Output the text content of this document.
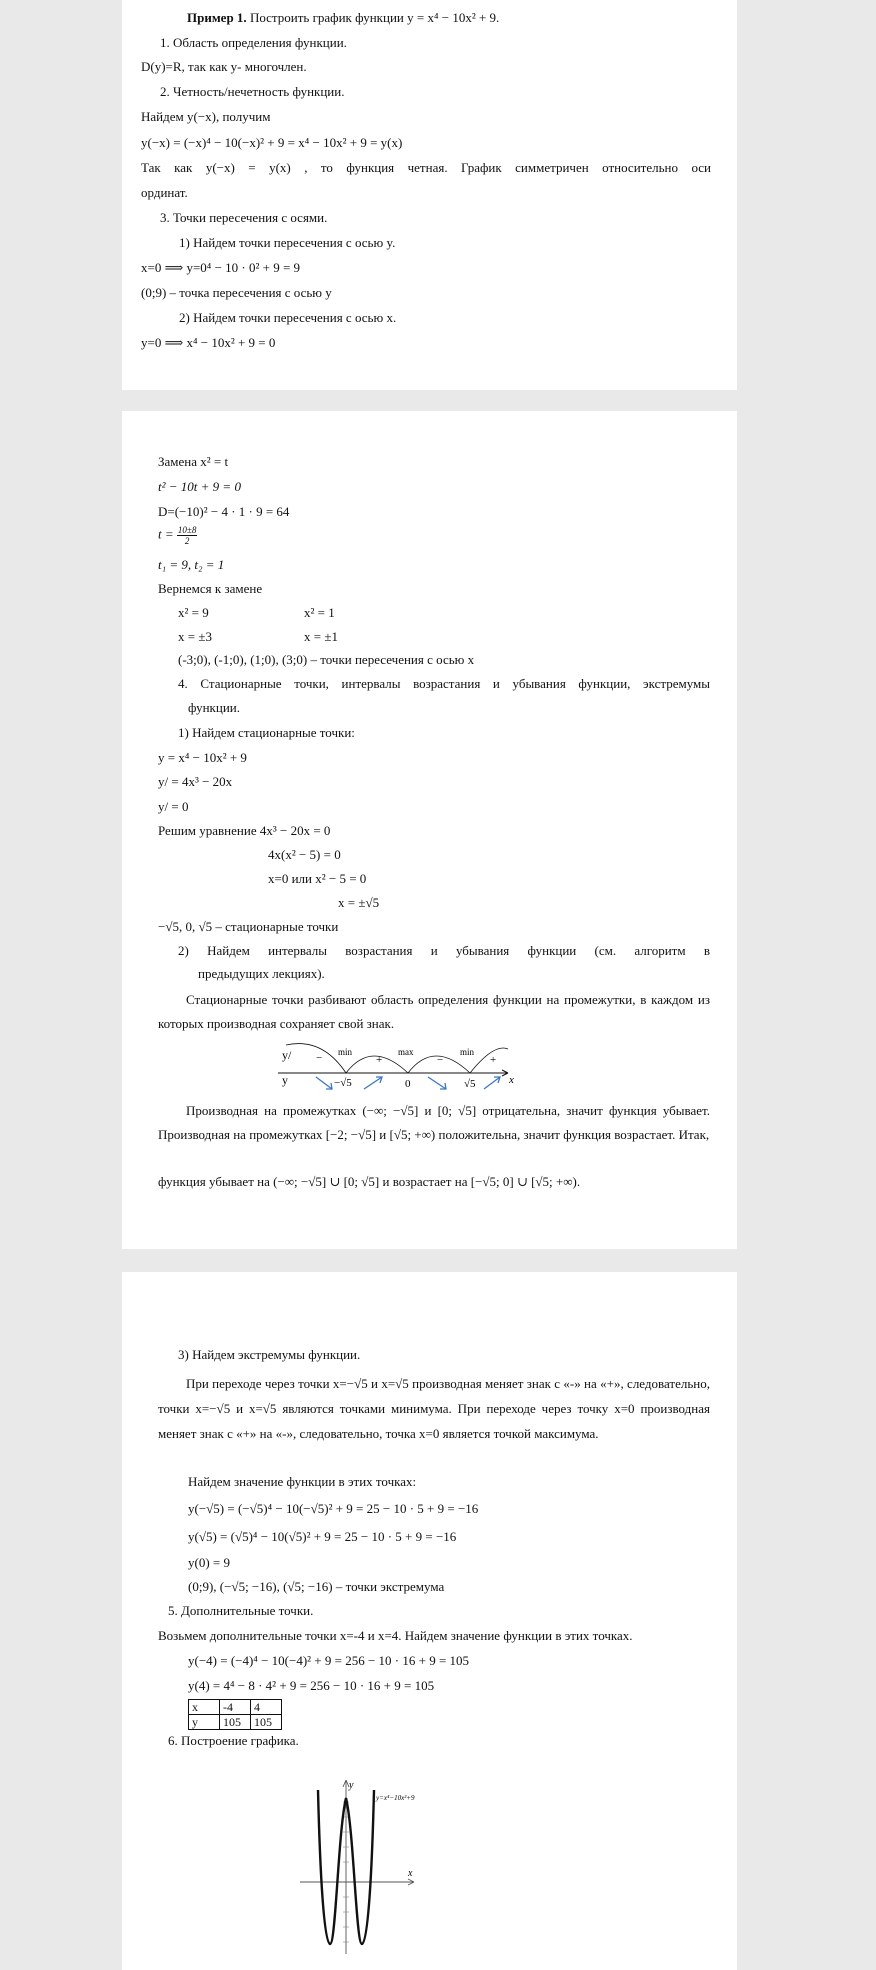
Пример 1. Построить график функции y = x⁴ − 10x² + 9.
1. Область определения функции.
D(y)=R, так как y- многочлен.
2. Четность/нечетность функции.
Найдем y(−x), получим
y(−x) = (−x)⁴ − 10(−x)² + 9 = x⁴ − 10x² + 9 = y(x)
Так как y(−x) = y(x) , то функция четная. График симметричен относительно оси
ординат.
3. Точки пересечения с осями.
1) Найдем точки пересечения с осью y.
x=0 ⟹ y=0⁴ − 10 · 0² + 9 = 9
(0;9) – точка пересечения с осью y
2) Найдем точки пересечения с осью x.
y=0 ⟹ x⁴ − 10x² + 9 = 0
Замена x² = t
t² − 10t + 9 = 0
D=(−10)² − 4 · 1 · 9 = 64
$t = \frac{10\pm 8}{2}$
t₁ = 9, t₂ = 1
Вернемся к замене
x² = 9	x² = 1
x = ±3	x = ±1
(-3;0), (-1;0), (1;0), (3;0) – точки пересечения с осью x
4. Стационарные точки, интервалы возрастания и убывания функции, экстремумы
функции.
1) Найдем стационарные точки:
y = x⁴ − 10x² + 9
y/ = 4x³ − 20x
y/ = 0
Решим уравнение 4x³ − 20x = 0
4x(x² − 5) = 0
x=0 или x² − 5 = 0
x = ±√5
−√5, 0, √5 – стационарные точки
2) Найдем интервалы возрастания и убывания функции (см. алгоритм в
предыдущих лекциях).
Стационарные точки разбивают область определения функции на промежутки, в каждом из которых производная сохраняет свой знак.
y/
y
−	+	−	+
min	max	min
−√5	0	√5	x
Производная на промежутках (−∞; −√5] и [0; √5] отрицательна, значит функция убывает. Производная на промежутках [−2; −√5] и [√5; +∞) положительна, значит функция возрастает. Итак,
функция убывает на (−∞; −√5] ∪ [0; √5] и возрастает на [−√5; 0] ∪ [√5; +∞).
3) Найдем экстремумы функции.
При переходе через точки x=−√5 и x=√5 производная меняет знак с «-» на «+», следовательно, точки x=−√5 и x=√5 являются точками минимума. При переходе через точку x=0 производная меняет знак с «+» на «-», следовательно, точка x=0 является точкой максимума.
Найдем значение функции в этих точках:
y(−√5) = (−√5)⁴ − 10(−√5)² + 9 = 25 − 10 · 5 + 9 = −16
y(√5) = (√5)⁴ − 10(√5)² + 9 = 25 − 10 · 5 + 9 = −16
y(0) = 9
(0;9), (−√5; −16), (√5; −16) – точки экстремума
5. Дополнительные точки.
Возьмем дополнительные точки x=-4 и x=4. Найдем значение функции в этих точках.
y(−4) = (−4)⁴ − 10(−4)² + 9 = 256 − 10 · 16 + 9 = 105
y(4) = 4⁴ − 8 · 4² + 9 = 256 − 10 · 16 + 9 = 105
x	-4	4
y	105	105
6. Построение графика.
y
x
y=x⁴−10x²+9
